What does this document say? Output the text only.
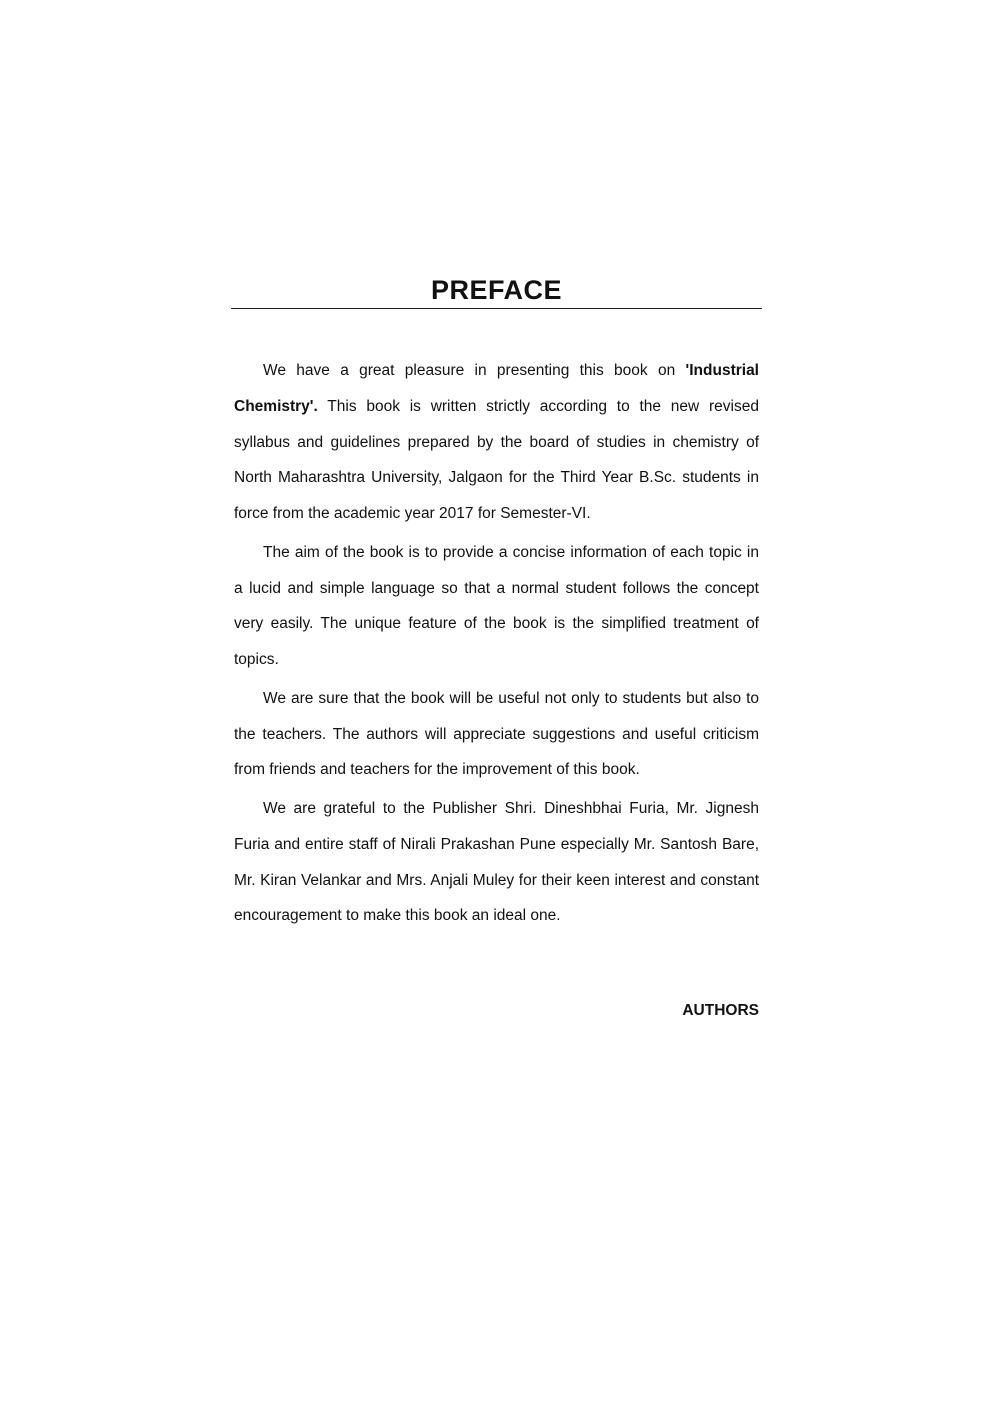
PREFACE

We have a great pleasure in presenting this book on 'Industrial Chemistry'. This book is written strictly according to the new revised syllabus and guidelines prepared by the board of studies in chemistry of North Maharashtra University, Jalgaon for the Third Year B.Sc. students in force from the academic year 2017 for Semester-VI.

The aim of the book is to provide a concise information of each topic in a lucid and simple language so that a normal student follows the concept very easily. The unique feature of the book is the simplified treatment of topics.

We are sure that the book will be useful not only to students but also to the teachers. The authors will appreciate suggestions and useful criticism from friends and teachers for the improvement of this book.

We are grateful to the Publisher Shri. Dineshbhai Furia, Mr. Jignesh Furia and entire staff of Nirali Prakashan Pune especially Mr. Santosh Bare, Mr. Kiran Velankar and Mrs. Anjali Muley for their keen interest and constant encouragement to make this book an ideal one.

AUTHORS
